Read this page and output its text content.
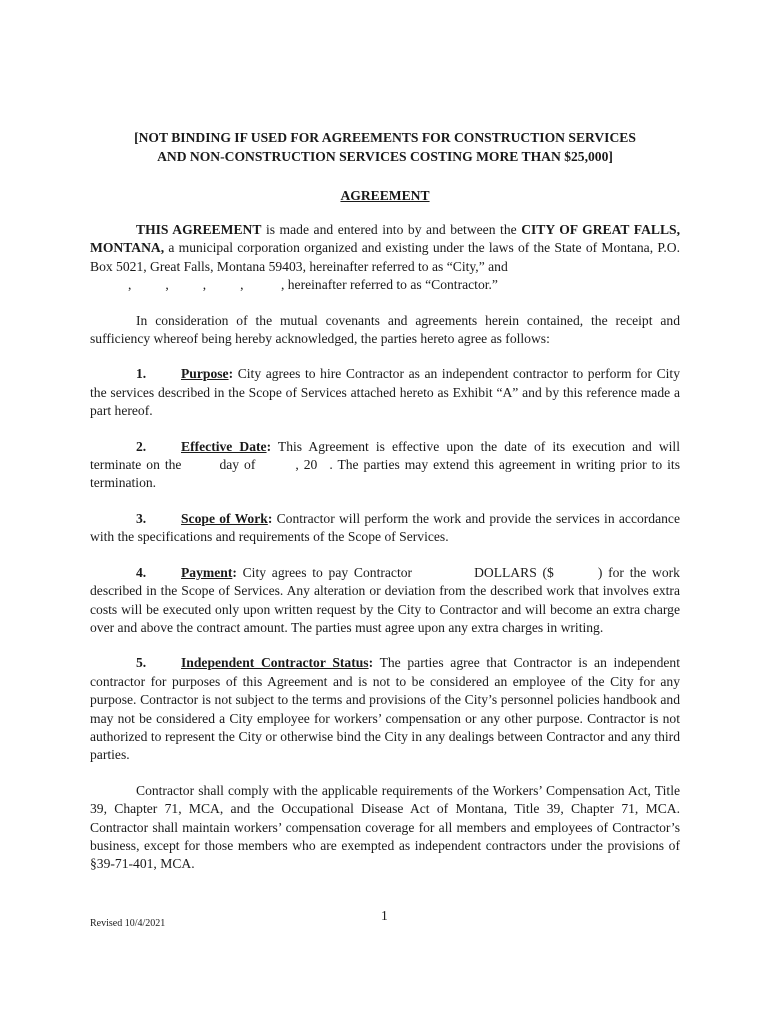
[NOT BINDING IF USED FOR AGREEMENTS FOR CONSTRUCTION SERVICES

AND NON-CONSTRUCTION SERVICES COSTING MORE THAN $25,000]

AGREEMENT

THIS AGREEMENT is made and entered into by and between the CITY OF GREAT FALLS, MONTANA, a municipal corporation organized and existing under the laws of the State of Montana, P.O. Box 5021, Great Falls, Montana 59403, hereinafter referred to as “City,” and
,          ,          ,          ,	, hereinafter referred to as “Contractor.”

In consideration of the mutual covenants and agreements herein contained, the receipt and sufficiency whereof being hereby acknowledged, the parties hereto agree as follows:

1.	Purpose: City agrees to hire Contractor as an independent contractor to perform for City the services described in the Scope of Services attached hereto as Exhibit “A” and by this reference made a part hereof.

2.	Effective Date: This Agreement is effective upon the date of its execution and will terminate on the	day of	, 20 . The parties may extend this agreement in writing prior to its termination.

3.	Scope of Work: Contractor will perform the work and provide the services in accordance with the specifications and requirements of the Scope of Services.

4.	Payment: City agrees to pay Contractor	DOLLARS ($	) for the work described in the Scope of Services. Any alteration or deviation from the described work that involves extra costs will be executed only upon written request by the City to Contractor and will become an extra charge over and above the contract amount. The parties must agree upon any extra charges in writing.

5.	Independent Contractor Status: The parties agree that Contractor is an independent contractor for purposes of this Agreement and is not to be considered an employee of the City for any purpose. Contractor is not subject to the terms and provisions of the City’s personnel policies handbook and may not be considered a City employee for workers’ compensation or any other purpose. Contractor is not authorized to represent the City or otherwise bind the City in any dealings between Contractor and any third parties.

Contractor shall comply with the applicable requirements of the Workers’ Compensation Act, Title 39, Chapter 71, MCA, and the Occupational Disease Act of Montana, Title 39, Chapter 71, MCA. Contractor shall maintain workers’ compensation coverage for all members and employees of Contractor’s business, except for those members who are exempted as independent contractors under the provisions of §39-71-401, MCA.

1
Revised 10/4/2021
